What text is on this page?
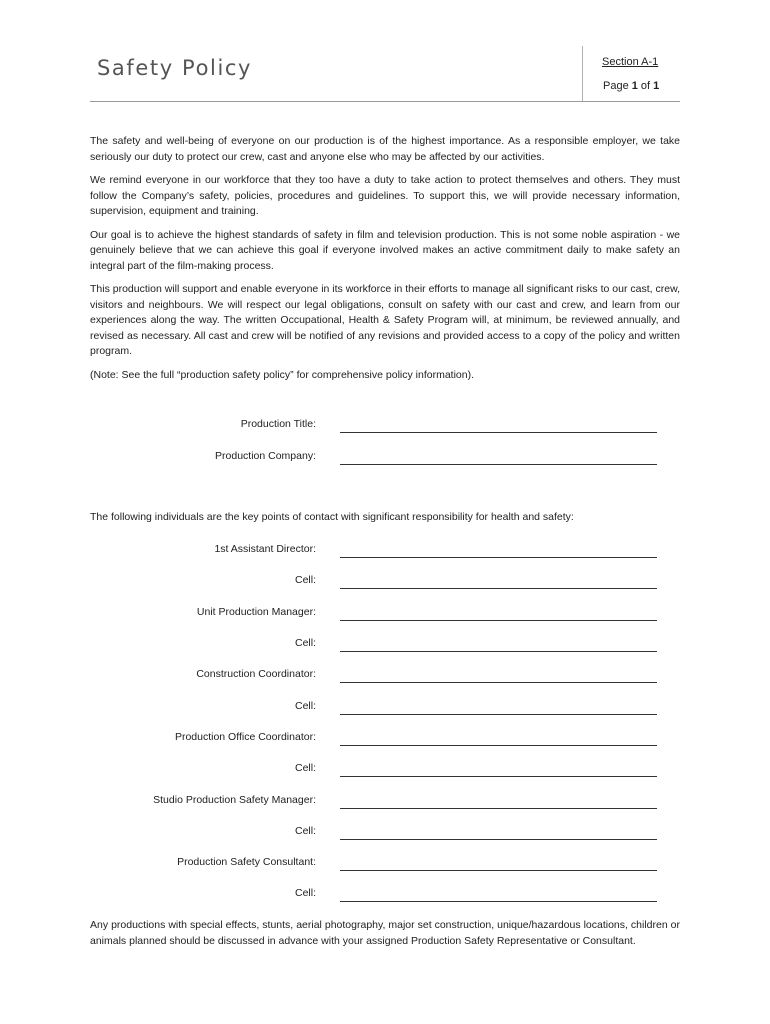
Safety Policy	Section A-1
Page 1 of 1

The safety and well-being of everyone on our production is of the highest importance. As a responsible employer, we take seriously our duty to protect our crew, cast and anyone else who may be affected by our activities.

We remind everyone in our workforce that they too have a duty to take action to protect themselves and others. They must follow the Company’s safety, policies, procedures and guidelines. To support this, we will provide necessary information, supervision, equipment and training.

Our goal is to achieve the highest standards of safety in film and television production. This is not some noble aspiration - we genuinely believe that we can achieve this goal if everyone involved makes an active commitment daily to make safety an integral part of the film-making process.

This production will support and enable everyone in its workforce in their efforts to manage all significant risks to our cast, crew, visitors and neighbours. We will respect our legal obligations, consult on safety with our cast and crew, and learn from our experiences along the way. The written Occupational, Health & Safety Program will, at minimum, be reviewed annually, and revised as necessary. All cast and crew will be notified of any revisions and provided access to a copy of the policy and written program.

(Note: See the full “production safety policy” for comprehensive policy information).

Production Title:
Production Company:
The following individuals are the key points of contact with significant responsibility for health and safety:
1st Assistant Director:
Cell:
Unit Production Manager:
Cell:
Construction Coordinator:
Cell:
Production Office Coordinator:
Cell:
Studio Production Safety Manager:
Cell:
Production Safety Consultant:
Cell:

Any productions with special effects, stunts, aerial photography, major set construction, unique/hazardous locations, children or animals planned should be discussed in advance with your assigned Production Safety Representative or Consultant.
